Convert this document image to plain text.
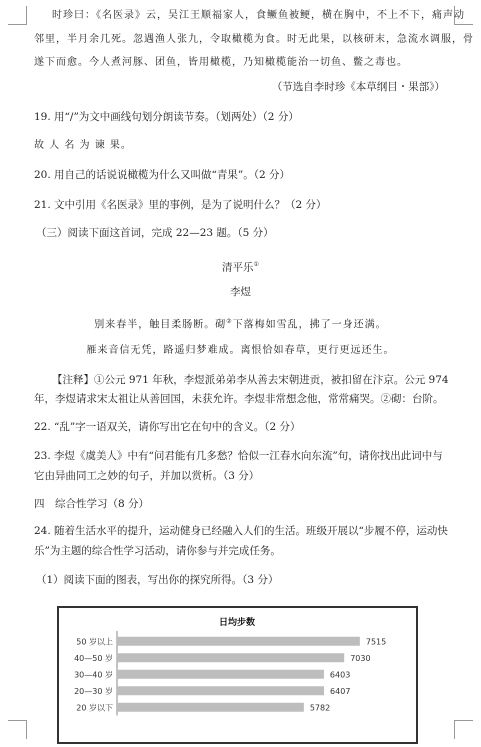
时珍曰：《名医录》云，吴江王顺福家人，食鳜鱼被鲠，横在胸中，不上不下，痛声动
邻里，半月余几死。忽遇渔人张九，令取橄榄为食。时无此果，以核研末，急流水调服，骨
遂下而愈。今人煮河豚、团鱼，皆用橄榄，乃知橄榄能治一切鱼、鳖之毒也。
（节选自李时珍《本草纲目・果部》）
19. 用“/”为文中画线句划分朗读节奏。（划两处）（2 分）
故 人 名 为 谏 果。
20. 用自己的话说说橄榄为什么又叫做“青果”。（2 分）
21. 文中引用《名医录》里的事例，是为了说明什么？（2 分）
（三）阅读下面这首词，完成 22—23 题。（5 分）
清平乐①
李煜
别来春半，触目柔肠断。砌②下落梅如雪乱，拂了一身还满。
雁来音信无凭，路遥归梦难成。离恨恰如春草，更行更远还生。
【注释】①公元 971 年秋，李煜派弟弟李从善去宋朝进贡，被扣留在汴京。公元 974
年，李煜请求宋太祖让从善回国，未获允许。李煜非常想念他，常常痛哭。②砌：台阶。
22. “乱”字一语双关，请你写出它在句中的含义。（2 分）
23. 李煜《虞美人》中有“问君能有几多愁？恰似一江春水向东流”句，请你找出此词中与
它由异曲同工之妙的句子，并加以赏析。（3 分）
四　综合性学习（8 分）
24. 随着生活水平的提升，运动健身已经融入人们的生活。班级开展以“步履不停，运动快
乐”为主题的综合性学习活动，请你参与并完成任务。
（1）阅读下面的图表，写出你的探究所得。（3 分）
日均步数
50 岁以上	7515
40—50 岁	7030
30—40 岁	6403
20—30 岁	6407
20 岁以下	5782
